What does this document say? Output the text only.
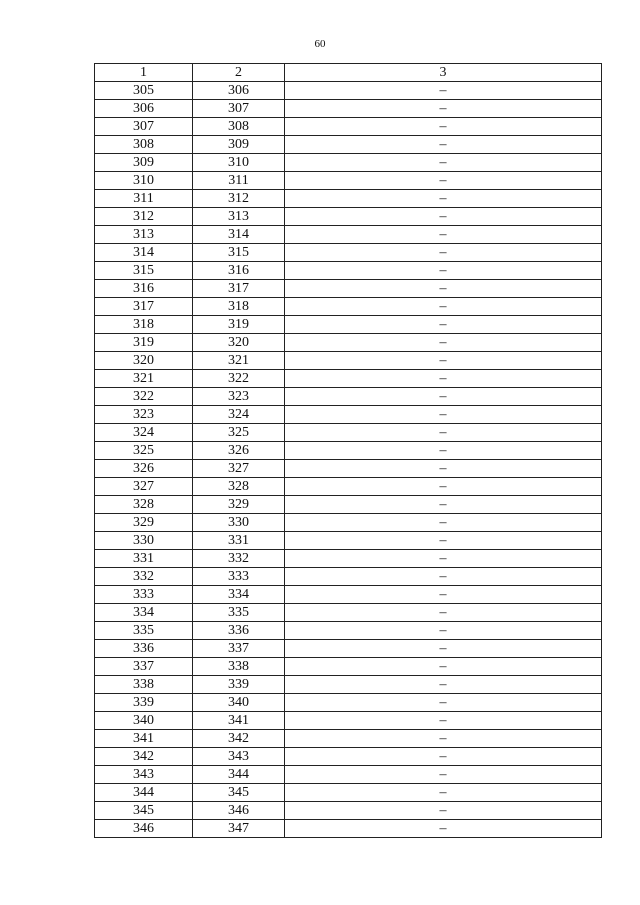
60
1	2	3
305	306	–
306	307	–
307	308	–
308	309	–
309	310	–
310	311	–
311	312	–
312	313	–
313	314	–
314	315	–
315	316	–
316	317	–
317	318	–
318	319	–
319	320	–
320	321	–
321	322	–
322	323	–
323	324	–
324	325	–
325	326	–
326	327	–
327	328	–
328	329	–
329	330	–
330	331	–
331	332	–
332	333	–
333	334	–
334	335	–
335	336	–
336	337	–
337	338	–
338	339	–
339	340	–
340	341	–
341	342	–
342	343	–
343	344	–
344	345	–
345	346	–
346	347	–
